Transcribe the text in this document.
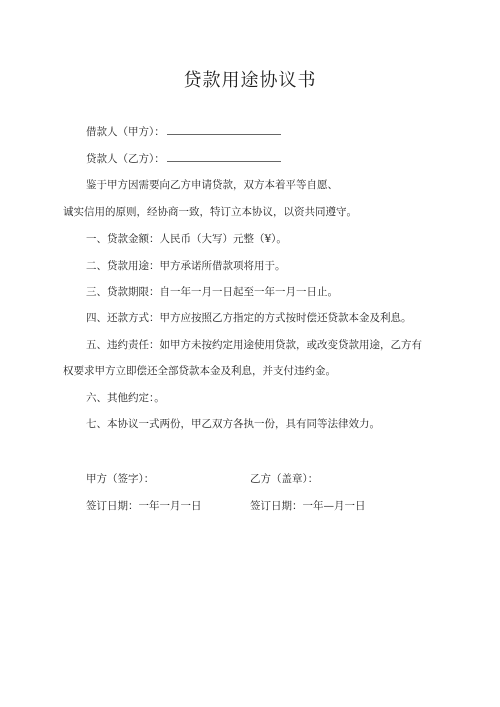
贷款用途协议书
借款人（甲方）：
贷款人（乙方）：
鉴于甲方因需要向乙方申请贷款，双方本着平等自愿、
诚实信用的原则，经协商一致，特订立本协议，以资共同遵守。
一、贷款金额：人民币（大写）元整（¥）。
二、贷款用途：甲方承诺所借款项将用于。
三、贷款期限：自一年一月一日起至一年一月一日止。
四、还款方式：甲方应按照乙方指定的方式按时偿还贷款本金及利息。
五、违约责任：如甲方未按约定用途使用贷款，或改变贷款用途，乙方有
权要求甲方立即偿还全部贷款本金及利息，并支付违约金。
六、其他约定：。
七、本协议一式两份，甲乙双方各执一份，具有同等法律效力。
甲方（签字）：	乙方（盖章）：
签订日期：一年一月一日	签订日期：一年—月一日
